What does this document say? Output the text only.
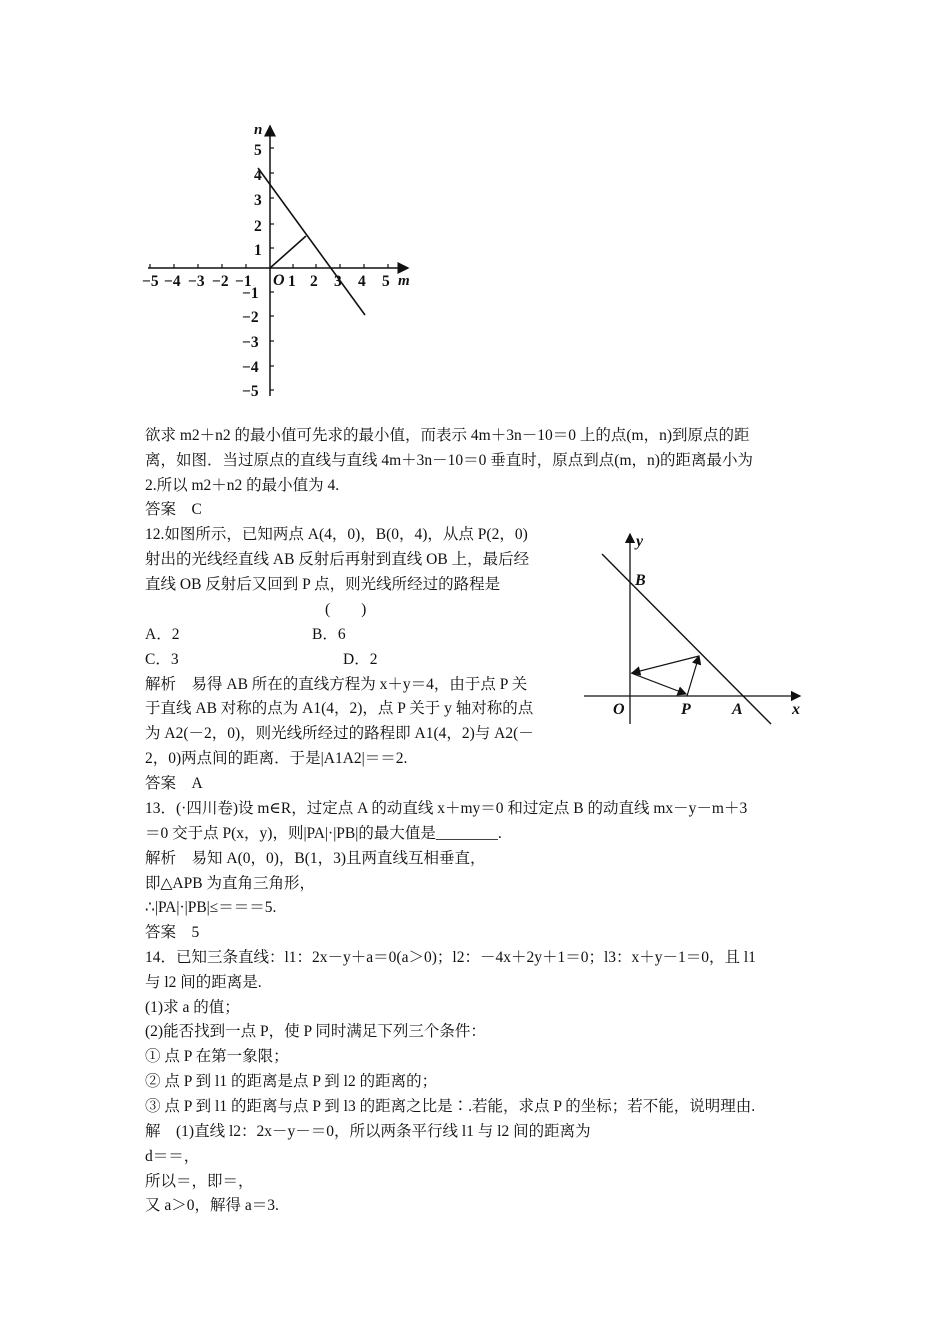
n
m
O
−5 −4 −3 −2 −1 1 2 3 4 5
5
4
3
2
1
−1
−2
−3
−4
−5
y
x
B
O	P	A
欲求 m2＋n2 的最小值可先求的最小值，而表示 4m＋3n－10＝0 上的点(m，n)到原点的距
离，如图．当过原点的直线与直线 4m＋3n－10＝0 垂直时，原点到点(m，n)的距离最小为
2.所以 m2＋n2 的最小值为 4.
答案　C
12.如图所示，已知两点 A(4，0)，B(0，4)，从点 P(2，0)
射出的光线经直线 AB 反射后再射到直线 OB 上，最后经
直线 OB 反射后又回到 P 点，则光线所经过的路程是
(　　)
A．2	B．6
C．3	D．2
解析　易得 AB 所在的直线方程为 x＋y＝4，由于点 P 关
于直线 AB 对称的点为 A1(4，2)，点 P 关于 y 轴对称的点
为 A2(－2，0)，则光线所经过的路程即 A1(4，2)与 A2(－
2，0)两点间的距离．于是|A1A2|＝＝2.
答案　A
13．(·四川卷)设 m∈R，过定点 A 的动直线 x＋my＝0 和过定点 B 的动直线 mx－y－m＋3
＝0 交于点 P(x，y)，则|PA|·|PB|的最大值是________.
解析　易知 A(0，0)，B(1，3)且两直线互相垂直，
即△APB 为直角三角形，
∴|PA|·|PB|≤＝＝＝5.
答案　5
14．已知三条直线：l1：2x－y＋a＝0(a＞0)；l2：－4x＋2y＋1＝0；l3：x＋y－1＝0，且 l1
与 l2 间的距离是.
(1)求 a 的值；
(2)能否找到一点 P，使 P 同时满足下列三个条件：
① 点 P 在第一象限；
② 点 P 到 l1 的距离是点 P 到 l2 的距离的；
③ 点 P 到 l1 的距离与点 P 到 l3 的距离之比是∶.若能，求点 P 的坐标；若不能，说明理由.
解　(1)直线 l2：2x－y－＝0，所以两条平行线 l1 与 l2 间的距离为
d＝＝，
所以＝，即＝，
又 a＞0，解得 a＝3.
